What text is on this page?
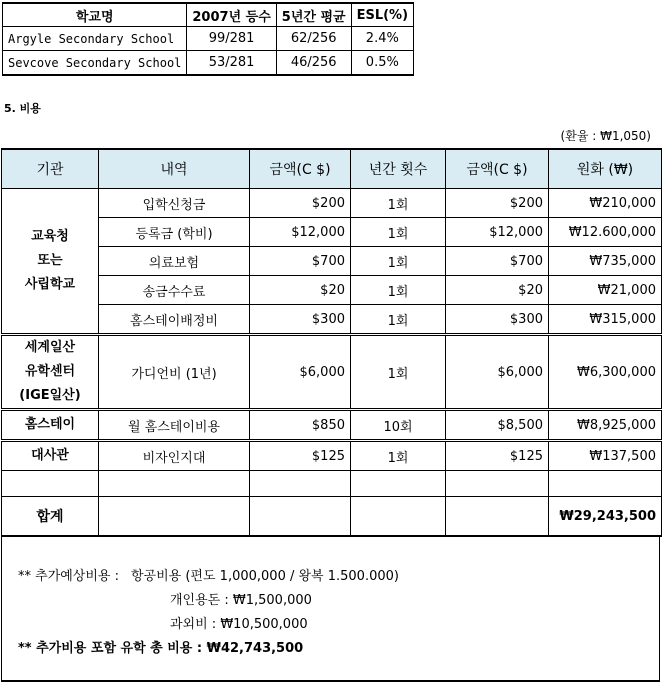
학교명	2007년 등수	5년간 평균	ESL(%)
Argyle Secondary School	99/281	62/256	2.4%
Sevcove Secondary School	53/281	46/256	0.5%
5. 비용
(환율 : ₩1,050)
기관	내역	금액(C $)	년간 횟수	금액(C $)	원화 (₩)

교육청
또는
사립학교	입학신청금	$200	1회	$200	₩210,000
	등록금 (학비)	$12,000	1회	$12,000	₩12.600,000
	의료보험	$700	1회	$700	₩735,000
	송금수수료	$20	1회	$20	₩21,000
	홈스테이배정비	$300	1회	$300	₩315,000

세계일산
유학센터
(IGE일산)	가디언비 (1년)	$6,000	1회	$6,000	₩6,300,000
홈스테이	월 홈스테이비용	$850	10회	$8,500	₩8,925,000
대사관	비자인지대	$125	1회	$125	₩137,500

합계					₩29,243,500
** 추가예상비용 : 항공비용 (편도 1,000,000 / 왕복 1.500.000)
개인용돈 : ₩1,500,000
과외비 : ₩10,500,000
** 추가비용 포함 유학 총 비용 : ₩42,743,500
